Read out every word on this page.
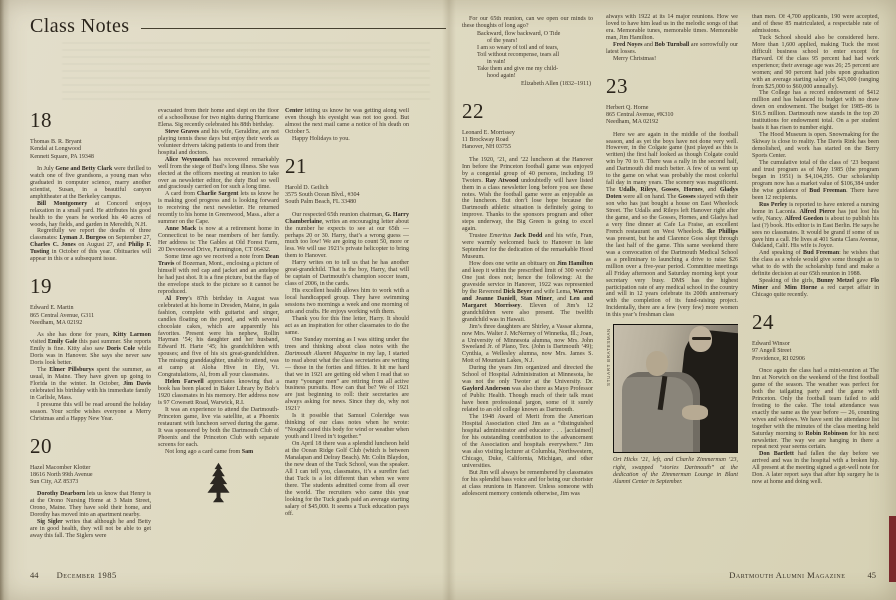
Class Notes
18
Thomas B. R. Bryant
Kendal at Longwood
Kennett Square, PA 19348

In July Gene and Betty Clark were thrilled to watch one of five grandsons, a young man who graduated in computer science, marry another scientist, Susan, in a beautiful canyon amphitheater at the Berkeley campus.

Bill Montgomery at Concord enjoys relaxation in a small yard. He attributes his good health to the years he worked his 40 acres of woods, hay fields, and garden in Meredith, N.H.

Regretfully we report the deaths of three classmates: Lyman J. Burgess on September 27, Charles C. Jones on August 27, and Philip F. Tusting in October of this year. Obituaries will appear in this or a subsequent issue.

19
Edward E. Martin
865 Central Avenue, G311
Needham, MA 02192

As she has done for years, Kitty Larmon visited Emily Gale this past summer. She reports Emily is fine. Kitty also saw Doris Cole while Doris was in Hanover. She says she never saw Doris look better.

The Elmer Pillsburys spent the summer, as usual, in Maine. They have given up going to Florida in the winter. In October, Jim Davis celebrated his birthday with his immediate family in Carlisle, Mass.

I presume this will be read around the holiday season. Your scribe wishes everyone a Merry Christmas and a Happy New Year.

20
Hazel Macomber Klotter
18616 North 99th Avenue
Sun City, AZ 85373

Dorothy Dearborn lets us know that Henry is at the Orono Nursing Home at 3 Main Street, Orono, Maine. They have sold their home, and Dorothy has moved into an apartment nearby.

Sig Sigler writes that although he and Betty are in good health, they will not be able to get away this fall. The Siglers were

evacuated from their home and slept on the floor of a schoolhouse for two nights during Hurricane Elena. Sig recently celebrated his 88th birthday.

Steve Graves and his wife, Geraldine, are not playing tennis these days but enjoy their work as volunteer drivers taking patients to and from their hospital and doctors.

Alice Weymouth has recovered remarkably well from the siege of Bud’s long illness. She was elected at the officers meeting at reunion to take over as newsletter editor, the duty Bud so well and graciously carried on for such a long time.

A card from Charlie Sargent lets us know he is making good progress and is looking forward to receiving the next newsletter. He returned recently to his home in Greenwood, Mass., after a summer on the Cape.

Anne Mack is now at a retirement home in Connecticut to be near members of her family. Her address is: The Gables at Old Forest Farm, 20 Devonwood Drive, Farmington, CT 06432.

Some time ago we received a note from Dean Travis of Bozeman, Mont., enclosing a picture of himself with red cap and jacket and an antelope he had just shot. It is a fine picture, but the flap of the envelope stuck to the picture so it cannot be reproduced.

Al Frey’s 87th birthday in August was celebrated at his home in Dresden, Maine, in gala fashion, complete with guitarist and singer, candles floating on the pond, and with several chocolate cakes, which are apparently his favorites. Present were his nephew, Rollin Hayman ’54; his daughter and her husband, Edward H. Harte ’45; his grandchildren with spouses; and five of his six great-grandchildren. The missing granddaughter, unable to attend, was at camp at Aloha Hive in Ely, Vt. Congratulations, Al, from all your classmates.

Helen Farwell appreciates knowing that a book has been placed in Baker Library by Bob’s 1920 classmates in his memory. Her address now is 97 Cowesett Road, Warwick, R.I.

It was an experience to attend the Dartmouth-Princeton game, live via satellite, at a Phoenix restaurant with luncheon served during the game. It was sponsored by both the Dartmouth Club of Phoenix and the Princeton Club with separate screens for each.

Not long ago a card came from Sam

Center letting us know he was getting along well even though his eyesight was not too good. But almost the next mail came a notice of his death on October 5.

Happy Holidays to you.

21
Harold D. Geilich
3575 South Ocean Blvd., #304
South Palm Beach, FL 33480

Our respected 65th reunion chairman, G. Harry Chamberlaine, writes an encouraging letter about the number he expects to see at our 65th — perhaps 20 or 30. Harry, that’s a wrong guess — much too low! We are going to count 50, more or less. We will use 1921’s private helicopter to bring them to Hanover.

Harry writes on to tell us that he has another great-grandchild. That is the boy, Harry, that will be captain of Dartmouth’s champion soccer team, class of 2006, in the cards.

His excellent health allows him to work with a local handicapped group. They have swimming sessions two mornings a week and one morning of arts and crafts. He enjoys working with them.

Thank you for this fine letter, Harry. It should act as an inspiration for other classmates to do the same.

One Sunday morning as I was sitting under the trees and thinking about class notes with the Dartmouth Alumni Magazine in my lap, I started to read about what the class secretaries are writing — those in the forties and fifties. It hit me hard that we in 1921 are getting old when I read that so many “younger men” are retiring from all active business pursuits. How can that be? We of 1921 are just beginning to roll: their secretaries are always asking for news. Since they do, why not 1921?

Is it possible that Samuel Coleridge was thinking of our class notes when he wrote: “Nought cared this body for wind or weather when youth and I lived in’t together.”

On April 18 there was a splendid luncheon held at the Ocean Ridge Golf Club (which is between Manalapan and Delray Beach). Mr. Colin Blaydon, the new dean of the Tuck School, was the speaker. All I can tell you, classmates, it’s a surefire fact that Tuck is a lot different than when we were there. The students admitted come from all over the world. The recruiters who came this year looking for the Tuck grads paid an average starting salary of $45,000. It seems a Tuck education pays off.

44 December 1985

For our 65th reunion, can we open our minds to these thoughts of long ago?

Backward, flow backward, O Tide
of the years!
I am so weary of toil and of tears,
Toil without recompense, tears all
in vain!
Take them and give me my child-
hood again!
Elizabeth Allen (1832–1911)
22
Leonard E. Morrissey
11 Brockway Road
Hanover, NH 03755

The 1920, ’21, and ’22 luncheon at the Hanover Inn before the Princeton football game was enjoyed by a congenial group of 40 persons, including 19 Twoters. Ray Atwood undoubtedly will have listed them in a class newsletter long before you see these notes. Wish the football game were as enjoyable as the luncheon. But don’t lose hope because the Dartmouth athletic situation is definitely going to improve. Thanks to the sponsors program and other steps underway, the Big Green is going to excel again.

Trustee Emeritus Jack Dodd and his wife, Fran, were warmly welcomed back to Hanover in late September for the dedication of the remarkable Hood Museum.

How does one write an obituary on Jim Hamilton and keep it within the prescribed limit of 300 words? One just does not; hence the following: At the graveside service in Hanover, 1922 was represented by the Reverend Dick Beyer and wife Lema, Warren and Jeanne Daniell, Stan Miner, and Len and Margaret Morrissey. Eleven of Jim’s 12 grandchildren were also present. The twelfth grandchild was in Hawaii.

Jim’s three daughters are Shirley, a Vassar alumna, now Mrs. Walter J. McNerney of Winnetka, Ill.; Joan, a University of Minnesota alumna, now Mrs. John Sweeland Jr. of Plano, Tex. (John is Dartmouth ’49); Cynthia, a Wellesley alumna, now Mrs. James S. Mott of Mountain Lakes, N.J.

During the years Jim organized and directed the School of Hospital Administration at Minnesota, he was not the only Twoter at the University. Dr. Gaylord Anderson was also there as Mayo Professor of Public Health. Though much of their talk must have been professional jargon, some of it surely related to an old college known as Dartmouth.

The 1948 Award of Merit from the American Hospital Association cited Jim as a “distinguished hospital administrator and educator . . . [acclaimed] for his outstanding contribution to the advancement of the Association and hospitals everywhere.” Jim was also visiting lecturer at Columbia, Northwestern, Chicago, Duke, California, Michigan, and other universities.

But Jim will always be remembered by classmates for his splendid bass voice and for being our chorister at class reunions in Hanover. Unless someone with adolescent memory contends otherwise, Jim was

always with 1922 at its 14 major reunions. How we loved to have him lead us in the melodic songs of that era. Memorable tunes, memorable times. Memorable man, Jim Hamilton.

Fred Noyes and Bob Turnball are sorrowfully our latest losses.

Merry Christmas!

23
Herbert Q. Horne
865 Central Avenue, #K310
Needham, MA 02192

Here we are again in the middle of the football season, and as yet the boys have not done very well. However, in the Colgate game (just played as this is written) the first half looked as though Colgate could win by 70 to 0. There was a rally in the second half, and Dartmouth did much better. A few of us went up to the game on what was probably the most colorful fall day in many years. The scenery was magnificent. The Udalls, Rileys, Gosses, Hornes, and Gladys Doten were all on hand. The Gosses stayed with their son who has just bought a house on East Wheelock Street. The Udalls and Rileys left Hanover right after the game, and so the Gosses, Hornes, and Gladys had a very fine dinner at Cafe La Fraise, an excellent French restaurant on West Wheelock. Ike Phillips was present, but he and Clarence Goss slept through the last half of the game. This same weekend there was a convocation of the Dartmouth Medical School as a preliminary to launching a drive to raise $26 million over a five-year period. Committee meetings all Friday afternoon and Saturday morning kept your secretary very busy. DMS has the highest participation rate of any medical school in the country and will in 12 years celebrate its 200th anniversary with the completion of its fund-raising project. Incidentally, there are a few (very few) more women in this year’s freshman class

STUART BRATESMAN

Ort Hicks ’21, left, and Charlie Zimmerman ’23, right, swapped “stories Dartmouth” at the dedication of the Zimmerman Lounge in Blunt Alumni Center in September.

than men. Of 4,700 applicants, 190 were accepted, and of these 85 matriculated, a respectable rate of admissions.

Tuck School should also be considered here. More than 1,600 applied, making Tuck the most difficult business school to enter except for Harvard. Of the class 95 percent had had work experience; their average age was 26; 25 percent are women; and 90 percent had jobs upon graduation with an average starting salary of $43,000 (ranging from $25,000 to $60,000 annually).

The College has a record endowment of $412 million and has balanced its budget with no draw down on endowment. The budget for 1985–86 is $16.5 million. Dartmouth now stands in the top 20 institutions for endowment total. On a per student basis it has risen to number eight.

The Hood Museum is open. Snowmaking for the Skiway is close to reality. The Davis Rink has been demolished, and work has started on the Berry Sports Center.

The cumulative total of the class of ’23 bequest and trust program as of May 1985 (the program began in 1951) is $4,104,295. Our scholarship program now has a market value of $106,384 under the wise guidance of Bud Freeman. There have been 12 recipients.

Rus Perley is reported to have entered a nursing home in Laconia. Alfred Pierce has just lost his wife, Nancy. Alfred Goedon is about to publish his last (?) book. His editor is in East Berlin. He says he sees no classmates. It would be grand if some of us gave him a call. He lives at 401 Santa Clara Avenue, Oakland, Calif. His wife is Joyce.

And speaking of Bud Freeman: he wishes that the class as a whole would give some thought as to what to do with the scholarship fund and make a definite decision at our 65th reunion in 1988.

Speaking of the girls, Bunny Metzel gave Flo Miner and Mim Horne a red carpet affair in Chicago quite recently.

24
Edward Winsor
97 Angell Street
Providence, RI 02906

Once again the class had a mini-reunion at The Inn at Norwich on the weekend of the first football game of the season. The weather was perfect for both the tailgating party and the game with Princeton. Only the football team failed to add frosting to the cake. The total attendance was exactly the same as the year before — 26, counting wives and widows. We have sent the attendance list together with the minutes of the class meeting held Saturday morning to Robin Robinson for his next newsletter. The way we are hanging in there a repeat next year seems certain.

Don Bartlett had fallen the day before we arrived and was in the hospital with a broken hip. All present at the meeting signed a get-well note for Don. A later report says that after hip surgery he is now at home and doing well.

Dartmouth Alumni Magazine	45
